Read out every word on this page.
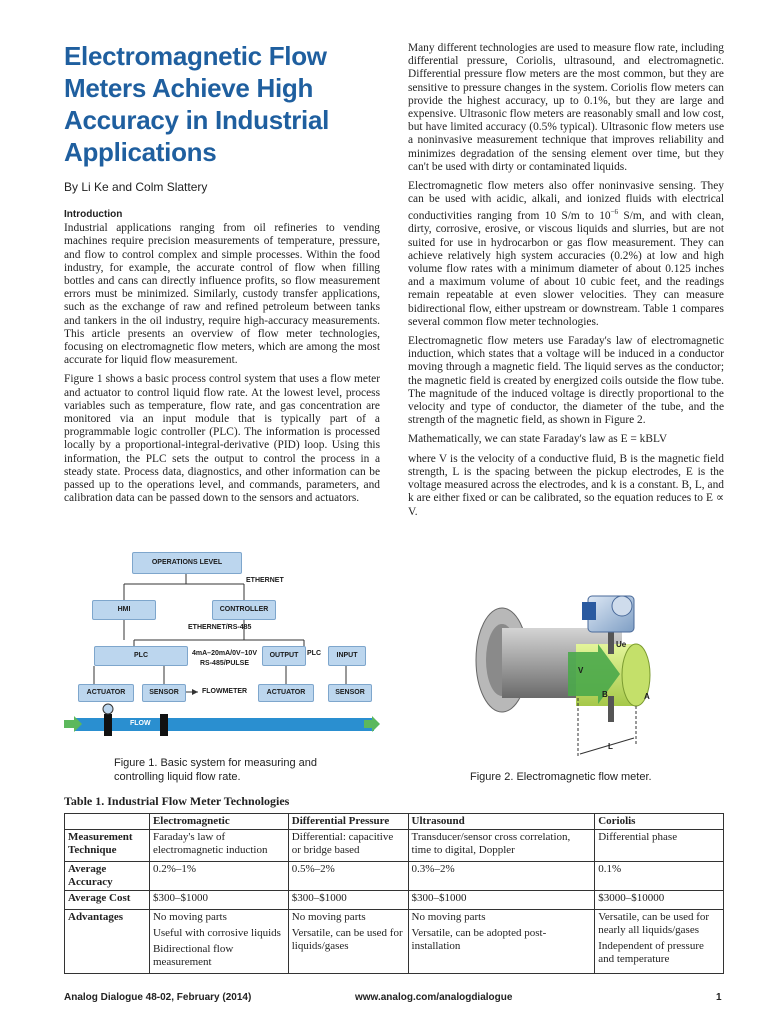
Electromagnetic Flow Meters Achieve High Accuracy in Industrial Applications
By Li Ke and Colm Slattery
Introduction

Industrial applications ranging from oil refineries to vending machines require precision measurements of temperature, pressure, and flow to control complex and simple processes. Within the food industry, for example, the accurate control of flow when filling bottles and cans can directly influence profits, so flow measurement errors must be minimized. Similarly, custody transfer applications, such as the exchange of raw and refined petroleum between tanks and tankers in the oil industry, require high-accuracy measurements. This article presents an overview of flow meter technologies, focusing on electromagnetic flow meters, which are among the most accurate for liquid flow measurement.

Figure 1 shows a basic process control system that uses a flow meter and actuator to control liquid flow rate. At the lowest level, process variables such as temperature, flow rate, and gas concentration are monitored via an input module that is typically part of a programmable logic controller (PLC). The information is processed locally by a proportional-integral-derivative (PID) loop. Using this information, the PLC sets the output to control the process in a steady state. Process data, diagnostics, and other information can be passed up to the operations level, and commands, parameters, and calibration data can be passed down to the sensors and actuators.

Many different technologies are used to measure flow rate, including differential pressure, Coriolis, ultrasound, and electromagnetic. Differential pressure flow meters are the most common, but they are sensitive to pressure changes in the system. Coriolis flow meters can provide the highest accuracy, up to 0.1%, but they are large and expensive. Ultrasonic flow meters are reasonably small and low cost, but have limited accuracy (0.5% typical). Ultrasonic flow meters use a noninvasive measurement technique that improves reliability and minimizes degradation of the sensing element over time, but they can't be used with dirty or contaminated liquids.

Electromagnetic flow meters also offer noninvasive sensing. They can be used with acidic, alkali, and ionized fluids with electrical conductivities ranging from 10 S/m to $10^{-6}$ S/m, and with clean, dirty, corrosive, erosive, or viscous liquids and slurries, but are not suited for use in hydrocarbon or gas flow measurement. They can achieve relatively high system accuracies (0.2%) at low and high volume flow rates with a minimum diameter of about 0.125 inches and a maximum volume of about 10 cubic feet, and the readings remain repeatable at even slower velocities. They can measure bidirectional flow, either upstream or downstream. Table 1 compares several common flow meter technologies.

Electromagnetic flow meters use Faraday's law of electromagnetic induction, which states that a voltage will be induced in a conductor moving through a magnetic field. The liquid serves as the conductor; the magnetic field is created by energized coils outside the flow tube. The magnitude of the induced voltage is directly proportional to the velocity and type of conductor, the diameter of the tube, and the strength of the magnetic field, as shown in Figure 2.

Mathematically, we can state Faraday's law as E = kBLV

where V is the velocity of a conductive fluid, B is the magnetic field strength, L is the spacing between the pickup electrodes, E is the voltage measured across the electrodes, and k is a constant. B, L, and k are either fixed or can be calibrated, so the equation reduces to E ∝ V.

OPERATIONS LEVEL
ETHERNET
HMI	CONTROLLER
ETHERNET/RS-485
PLC	4mA–20mA/0V–10V
RS-485/PULSE
OUTPUT	PLC	INPUT
ACTUATOR	SENSOR	FLOWMETER	ACTUATOR	SENSOR
FLOW
Figure 1. Basic system for measuring and controlling liquid flow rate.
Ue
V
B	A
L
Figure 2. Electromagnetic flow meter.
Table 1. Industrial Flow Meter Technologies
	Electromagnetic	Differential Pressure	Ultrasound	Coriolis
Measurement Technique	Faraday's law of electromagnetic induction	Differential: capacitive or bridge based	Transducer/sensor cross correlation, time to digital, Doppler	Differential phase

Average Accuracy	0.2%–1%	0.5%–2%	0.3%–2%	0.1%

Average Cost	$300–$1000	$300–$1000	$300–$1000	$3000–$10000

Advantages	No moving parts
Useful with corrosive liquids
Bidirectional flow measurement	No moving parts
Versatile, can be used for liquids/gases	No moving parts
Versatile, can be adopted post-installation	Versatile, can be used for nearly all liquids/gases
Independent of pressure and temperature
Analog Dialogue 48-02, February (2014)	www.analog.com/analogdialogue	1
